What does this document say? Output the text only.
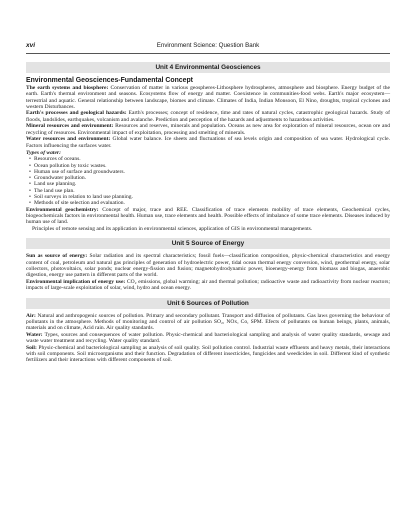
xvi	Environment Science: Question Bank
Unit 4 Environmental Geosciences
Environmental Geosciences-Fundamental Concept

The earth systems and biosphere: Conservation of matter in various geospheres-Lithosphere hydrospheres, atmosphere and biosphere. Energy budget of the earth. Earth's thermal environment and seasons. Ecosystems flow of energy and matter. Coexistence in communities-food webs. Earth's major ecosystem—terrestrial and aquatic. General relationship between landscape, biomes and climate. Climates of India, Indian Monsoon, El Nino, droughts, tropical cyclones and western Disturbances.

Earth's processes and geological hazards: Earth's processes; concept of residence, time and rates of natural cycles, catastrophic geological hazards. Study of floods, landslides, earthquakes, volcanism and avalanche. Prediction and perception of the hazards and adjustments to hazardous activities.

Mineral resources and environment: Resources and reserves, minerals and population. Oceans as new area for exploration of mineral resources, ocean ore and recycling of resources. Environmental impact of exploitation, processing and smelting of minerals.

Water resources and environment: Global water balance. Ice sheets and fluctuations of sea levels origin and composition of sea water. Hydrological cycle. Factors influencing the surfaces water.

Types of water:
• Resources of oceans.
• Ocean pollution by toxic wastes.
• Human use of surface and groundwaters.
• Groundwater pollution.
• Land use planning.
• The land use plan.
• Soil surveys in relation to land use planning.
• Methods of site selection and evaluation.

Environmental geochemistry: Concept of major, trace and REE. Classification of trace elements mobility of trace elements, Geochemical cycles, biogeochemicals factors in environmental health. Human use, trace elements and health. Possible effects of imbalance of some trace elements. Diseases induced by human use of land.

Principles of remote sensing and its application in environmental sciences, application of GIS in environmental managements.

Unit 5 Source of Energy

Sun as source of energy: Solar radiation and its spectral characteristics; fossil fuels—classification composition, physic-chemical characteristics and energy content of coal, petroleum and natural gas principles of generation of hydroelectric power, tidal ocean thermal energy conversion, wind, geothermal energy, solar collectors, photovoltaics, solar ponds; nuclear energy-fission and fusion; magnetohydrodynamic power, bioenergy-energy from biomass and biogas, anaerobic digestion, energy use pattern in different parts of the world.

Environmental implication of energy use: CO₂ emissions, global warming; air and thermal pollution; radioactive waste and radioactivity from nuclear reactors; impacts of large-scale exploitation of solar, wind, hydro and ocean energy.

Unit 6 Sources of Pollution

Air: Natural and anthropogenic sources of pollution. Primary and secondary pollutant. Transport and diffusion of pollutants. Gas laws governing the behaviour of pollutants in the atmosphere. Methods of monitoring and control of air pollution SO₂, NOx, Co, SPM. Efects of pollutants on human beings, plants, animals, materials and on climate, Acid rain. Air quality standards.

Water: Types, sources and consequences of water pollution. Physic-chemical and bacteriological sampling and analysis of water quality standards, sewage and waste water treatment and recycling. Water quality standard.

Soil: Physic-chemical and bacteriological sampling as analysis of soil quality. Soil pollution control. Industrial waste effluents and heavy metals, their interactions with soil components. Soil microorganisms and their function. Degradation of different insecticides, fungicides and weedicides in soil. Different kind of synthetic fertilizers and their interactions with different components of soil.
